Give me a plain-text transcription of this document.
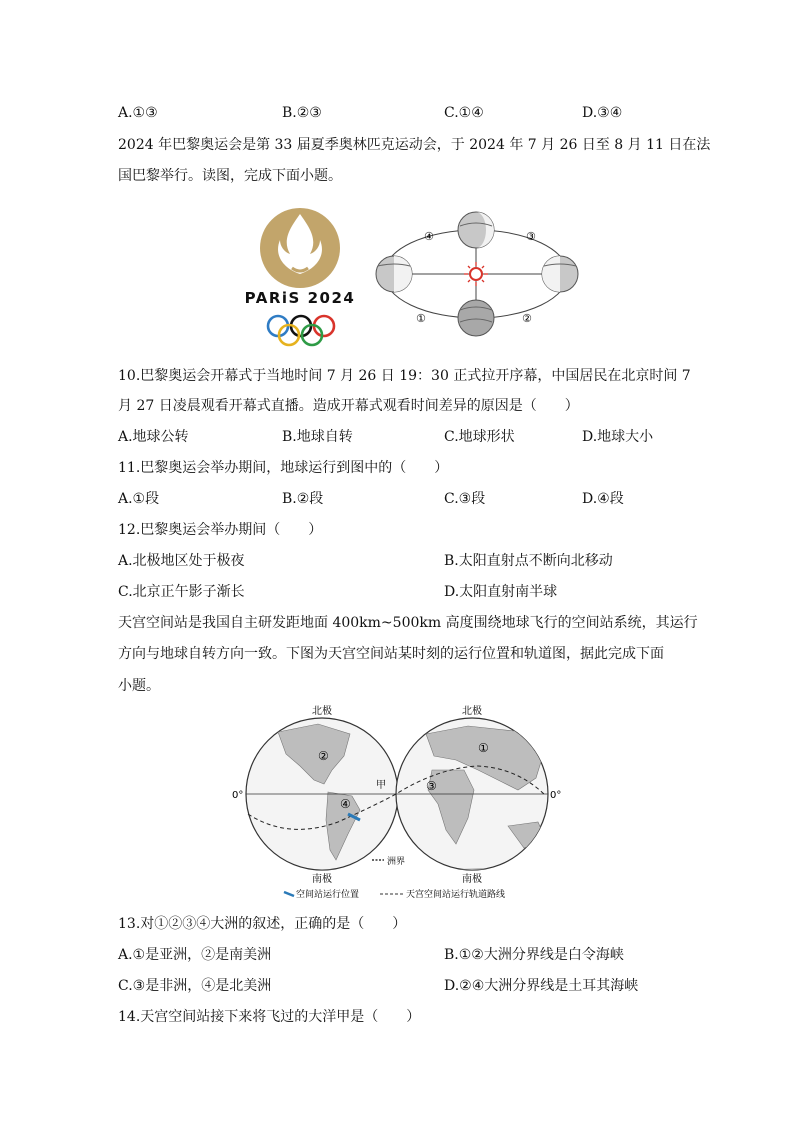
A.①③	B.②③	C.①④	D.③④
2024 年巴黎奥运会是第 33 届夏季奥林匹克运动会，于 2024 年 7 月 26 日至 8 月 11 日在法
国巴黎举行。读图，完成下面小题。
PARiS 2024
④	③
①	②
10.巴黎奥运会开幕式于当地时间 7 月 26 日 19：30 正式拉开序幕，中国居民在北京时间 7
月 27 日凌晨观看开幕式直播。造成开幕式观看时间差异的原因是（　　）
A.地球公转	B.地球自转	C.地球形状	D.地球大小
11.巴黎奥运会举办期间，地球运行到图中的（　　）
A.①段	B.②段	C.③段	D.④段
12.巴黎奥运会举办期间（　　）
A.北极地区处于极夜	B.太阳直射点不断向北移动
C.北京正午影子渐长	D.太阳直射南半球
天宫空间站是我国自主研发距地面 400km~500km 高度围绕地球飞行的空间站系统，其运行
方向与地球自转方向一致。下图为天宫空间站某时刻的运行位置和轨道图，据此完成下面
小题。
北极	北极
0°	0°
②
④
①
③
甲
南极	南极
洲界
空间站运行位置	天宫空间站运行轨道路线
13.对①②③④大洲的叙述，正确的是（　　）
A.①是亚洲，②是南美洲	B.①②大洲分界线是白令海峡
C.③是非洲，④是北美洲	D.②④大洲分界线是土耳其海峡
14.天宫空间站接下来将飞过的大洋甲是（　　）
